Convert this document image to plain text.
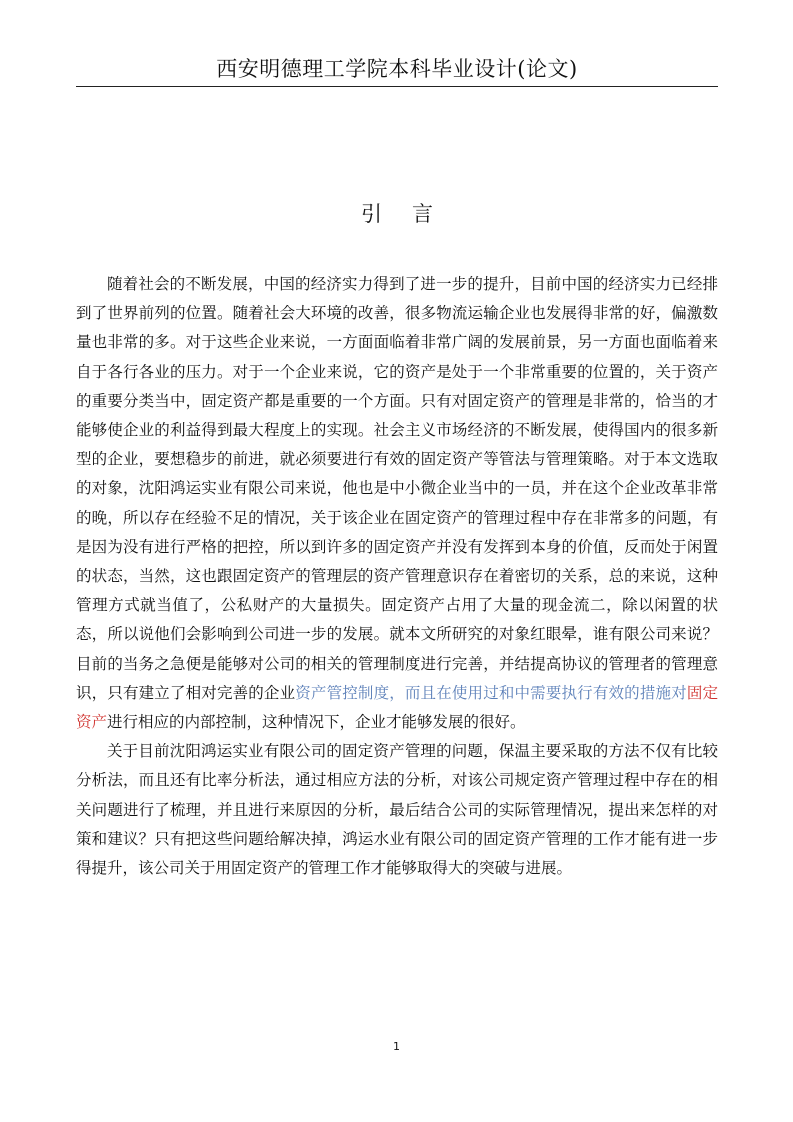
西安明德理工学院本科毕业设计(论文)
引 言

随着社会的不断发展，中国的经济实力得到了进一步的提升，目前中国的经济实力已经排到了世界前列的位置。随着社会大环境的改善，很多物流运输企业也发展得非常的好，偏激数量也非常的多。对于这些企业来说，一方面面临着非常广阔的发展前景，另一方面也面临着来自于各行各业的压力。对于一个企业来说，它的资产是处于一个非常重要的位置的，关于资产的重要分类当中，固定资产都是重要的一个方面。只有对固定资产的管理是非常的，恰当的才能够使企业的利益得到最大程度上的实现。社会主义市场经济的不断发展，使得国内的很多新型的企业，要想稳步的前进，就必须要进行有效的固定资产等管法与管理策略。对于本文选取的对象，沈阳鸿运实业有限公司来说，他也是中小微企业当中的一员，并在这个企业改革非常的晚，所以存在经验不足的情况，关于该企业在固定资产的管理过程中存在非常多的问题，有是因为没有进行严格的把控，所以到许多的固定资产并没有发挥到本身的价值，反而处于闲置的状态，当然，这也跟固定资产的管理层的资产管理意识存在着密切的关系，总的来说，这种管理方式就当值了，公私财产的大量损失。固定资产占用了大量的现金流二，除以闲置的状态，所以说他们会影响到公司进一步的发展。就本文所研究的对象红眼晕，谁有限公司来说？目前的当务之急便是能够对公司的相关的管理制度进行完善，并结提高协议的管理者的管理意识，只有建立了相对完善的企业资产管控制度，而且在使用过和中需要执行有效的措施对固定资产进行相应的内部控制，这种情况下，企业才能够发展的很好。

关于目前沈阳鸿运实业有限公司的固定资产管理的问题，保温主要采取的方法不仅有比较分析法，而且还有比率分析法，通过相应方法的分析，对该公司规定资产管理过程中存在的相关问题进行了梳理，并且进行来原因的分析，最后结合公司的实际管理情况，提出来怎样的对策和建议？只有把这些问题给解决掉，鸿运水业有限公司的固定资产管理的工作才能有进一步得提升，该公司关于用固定资产的管理工作才能够取得大的突破与进展。

1
